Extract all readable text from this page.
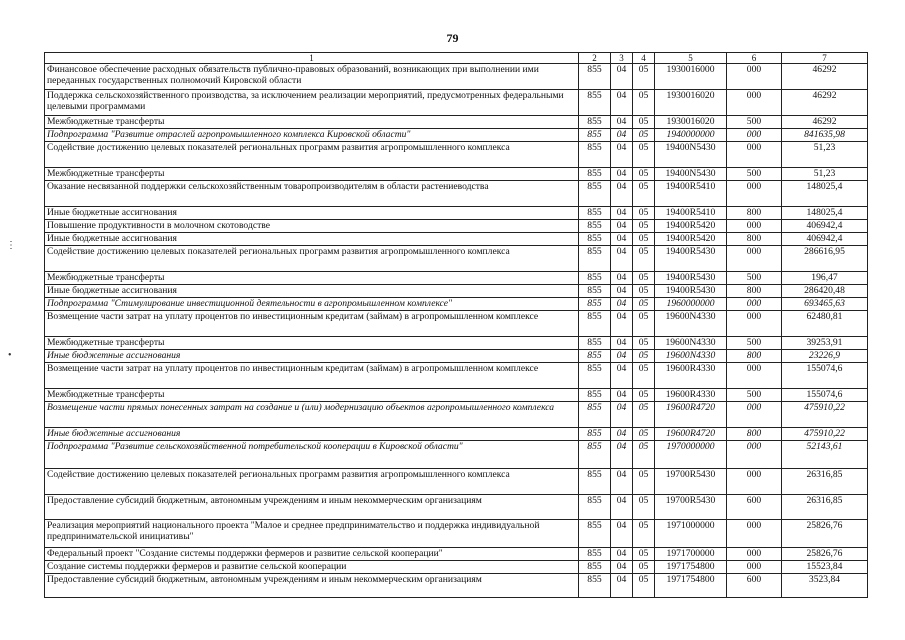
79
1	2	3	4	5	6	7
Финансовое обеспечение расходных обязательств публично-правовых образований, возникающих при выполнении ими переданных государственных полномочий Кировской области	855	04	05	1930016000	000	46292
Поддержка сельскохозяйственного производства, за исключением реализации мероприятий, предусмотренных федеральными целевыми программами	855	04	05	1930016020	000	46292
Межбюджетные трансферты	855	04	05	1930016020	500	46292
Подпрограмма "Развитие отраслей агропромышленного комплекса Кировской области"	855	04	05	1940000000	000	841635,98
Содействие достижению целевых показателей региональных программ развития агропромышленного комплекса	855	04	05	19400N5430	000	51,23
Межбюджетные трансферты	855	04	05	19400N5430	500	51,23
Оказание несвязанной поддержки сельскохозяйственным товаропроизводителям в области растениеводства	855	04	05	19400R5410	000	148025,4
Иные бюджетные ассигнования	855	04	05	19400R5410	800	148025,4
Повышение продуктивности в молочном скотоводстве	855	04	05	19400R5420	000	406942,4
Иные бюджетные ассигнования	855	04	05	19400R5420	800	406942,4
Содействие достижению целевых показателей региональных программ развития агропромышленного комплекса	855	04	05	19400R5430	000	286616,95
Межбюджетные трансферты	855	04	05	19400R5430	500	196,47
Иные бюджетные ассигнования	855	04	05	19400R5430	800	286420,48
Подпрограмма "Стимулирование инвестиционной деятельности в агропромышленном комплексе"	855	04	05	1960000000	000	693465,63
Возмещение части затрат на уплату процентов по инвестиционным кредитам (займам) в агропромышленном комплексе	855	04	05	19600N4330	000	62480,81
Межбюджетные трансферты	855	04	05	19600N4330	500	39253,91
Иные бюджетные ассигнования	855	04	05	19600N4330	800	23226,9
Возмещение части затрат на уплату процентов по инвестиционным кредитам (займам) в агропромышленном комплексе	855	04	05	19600R4330	000	155074,6
Межбюджетные трансферты	855	04	05	19600R4330	500	155074,6
Возмещение части прямых понесенных затрат на создание и (или) модернизацию объектов агропромышленного комплекса	855	04	05	19600R4720	000	475910,22
Иные бюджетные ассигнования	855	04	05	19600R4720	800	475910,22
Подпрограмма "Развитие сельскохозяйственной потребительской кооперации в Кировской области"	855	04	05	1970000000	000	52143,61
Содействие достижению целевых показателей региональных программ развития агропромышленного комплекса	855	04	05	19700R5430	000	26316,85
Предоставление субсидий бюджетным, автономным учреждениям и иным некоммерческим организациям	855	04	05	19700R5430	600	26316,85
Реализация мероприятий национального проекта "Малое и среднее предпринимательство и поддержка индивидуальной предпринимательской инициативы"	855	04	05	1971000000	000	25826,76
Федеральный проект "Создание системы поддержки фермеров и развитие сельской кооперации"	855	04	05	1971700000	000	25826,76
Создание системы поддержки фермеров и развитие сельской кооперации	855	04	05	1971754800	000	15523,84
Предоставление субсидий бюджетным, автономным учреждениям и иным некоммерческим организациям	855	04	05	1971754800	600	3523,84
⋮
•
